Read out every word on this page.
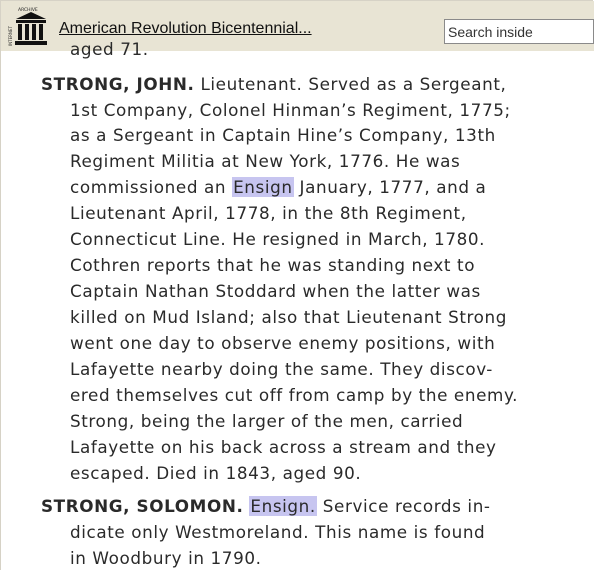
ARCHIVE
INTERNET	American Revolution Bicentennial...
Search inside
aged 71.
STRONG, JOHN. Lieutenant. Served as a Sergeant,
1st Company, Colonel Hinman’s Regiment, 1775;
as a Sergeant in Captain Hine’s Company, 13th
Regiment Militia at New York, 1776. He was
commissioned an Ensign January, 1777, and a
Lieutenant April, 1778, in the 8th Regiment,
Connecticut Line. He resigned in March, 1780.
Cothren reports that he was standing next to
Captain Nathan Stoddard when the latter was
killed on Mud Island; also that Lieutenant Strong
went one day to observe enemy positions, with
Lafayette nearby doing the same. They discov-
ered themselves cut off from camp by the enemy.
Strong, being the larger of the men, carried
Lafayette on his back across a stream and they
escaped. Died in 1843, aged 90.
STRONG, SOLOMON. Ensign. Service records in-
dicate only Westmoreland. This name is found
in Woodbury in 1790.
